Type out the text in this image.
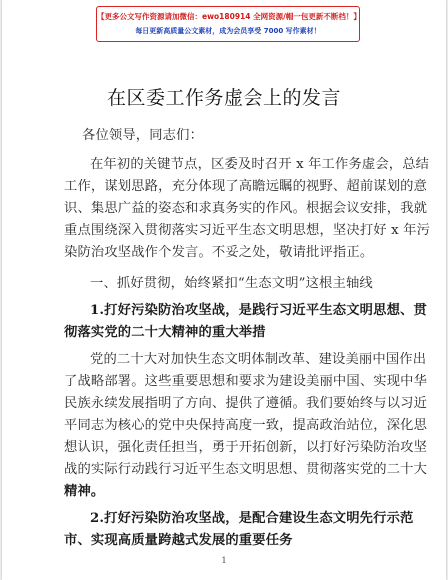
【更多公文写作资源请加微信：ewo180914 全网资源/帽一包更新不断档！】
每日更新高质量公文素材，成为会员享受 7000 写作素材！
在区委工作务虚会上的发言
各位领导，同志们：
在年初的关键节点，区委及时召开 x 年工作务虚会，总结
工作，谋划思路，充分体现了高瞻远瞩的视野、超前谋划的意
识、集思广益的姿态和求真务实的作风。根据会议安排，我就
重点围绕深入贯彻落实习近平生态文明思想，坚决打好 x 年污
染防治攻坚战作个发言。不妥之处，敬请批评指正。
一、抓好贯彻，始终紧扣“生态文明”这根主轴线
1.打好污染防治攻坚战，是践行习近平生态文明思想、贯
彻落实党的二十大精神的重大举措
党的二十大对加快生态文明体制改革、建设美丽中国作出
了战略部署。这些重要思想和要求为建设美丽中国、实现中华
民族永续发展指明了方向、提供了遵循。我们要始终与以习近
平同志为核心的党中央保持高度一致，提高政治站位，深化思
想认识，强化责任担当，勇于开拓创新，以打好污染防治攻坚
战的实际行动践行习近平生态文明思想、贯彻落实党的二十大
精神。
2.打好污染防治攻坚战，是配合建设生态文明先行示范
1
市、实现高质量跨越式发展的重要任务
